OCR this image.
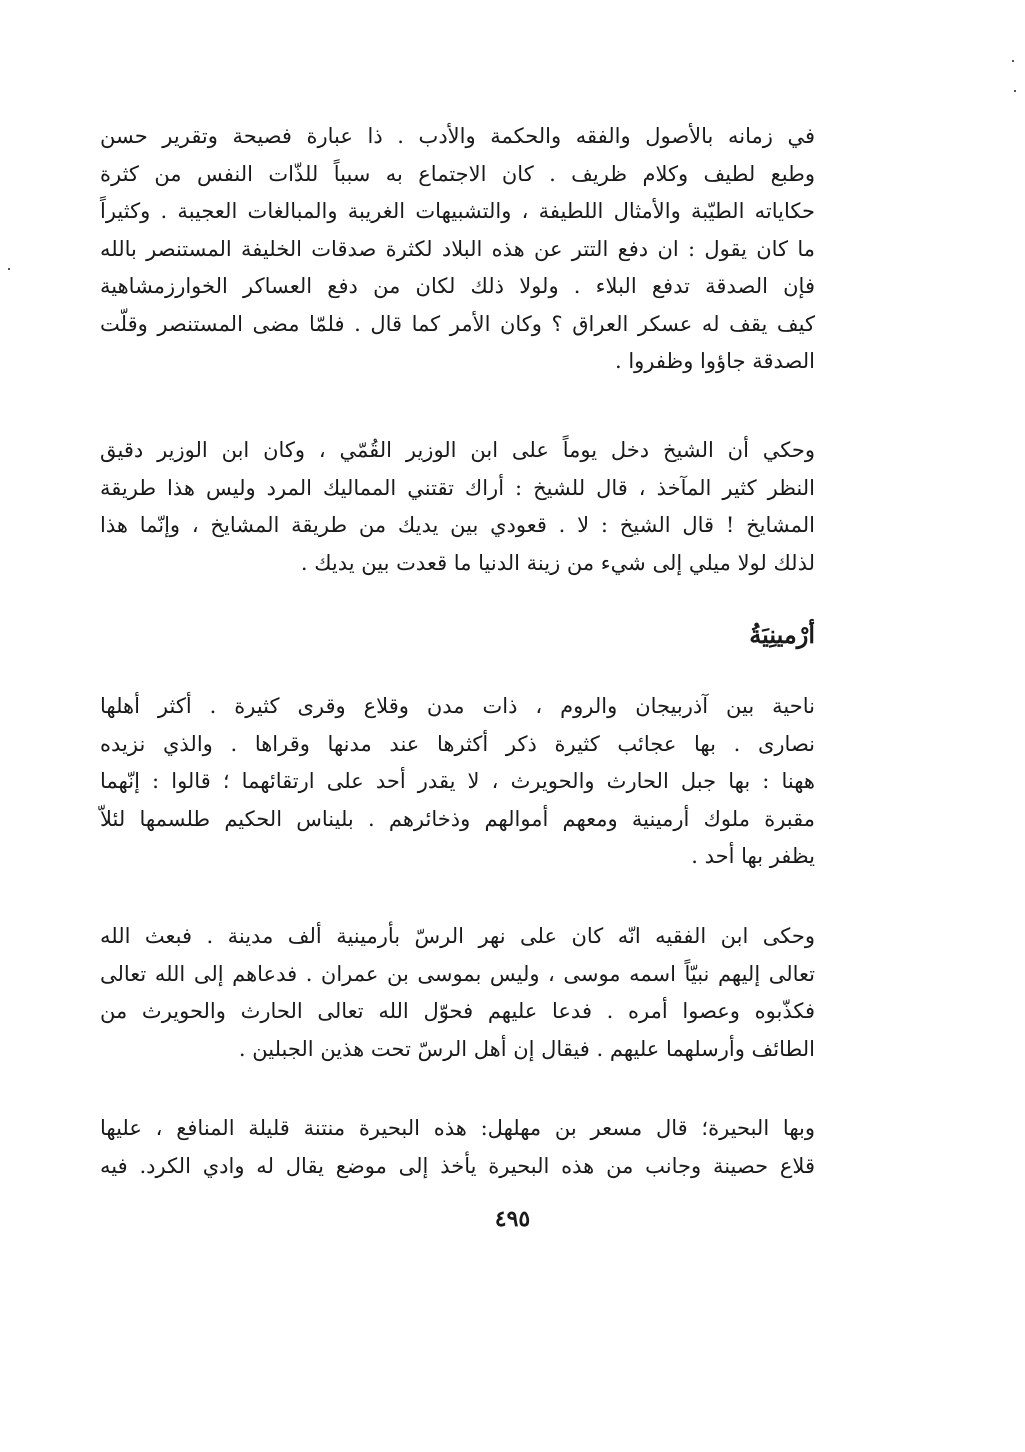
في زمانه بالأصول والفقه والحكمة والأدب . ذا عبارة فصيحة وتقرير حسن
وطبع لطيف وكلام ظريف . كان الاجتماع به سبباً للذّات النفس من كثرة
حكاياته الطيّبة والأمثال اللطيفة ، والتشبيهات الغريبة والمبالغات العجيبة . وكثيراً
ما كان يقول : ان دفع التتر عن هذه البلاد لكثرة صدقات الخليفة المستنصر بالله
فإن الصدقة تدفع البلاء . ولولا ذلك لكان من دفع العساكر الخوارزمشاهية
كيف يقف له عسكر العراق ؟ وكان الأمر كما قال . فلمّا مضى المستنصر وقلّت
الصدقة جاؤوا وظفروا .
وحكي أن الشيخ دخل يوماً على ابن الوزير القُمّي ، وكان ابن الوزير دقيق
النظر كثير المآخذ ، قال للشيخ : أراك تقتني المماليك المرد وليس هذا طريقة
المشايخ ! قال الشيخ : لا . قعودي بين يديك من طريقة المشايخ ، وإنّما هذا
لذلك لولا ميلي إلى شيء من زينة الدنيا ما قعدت بين يديك .
أرْمينِيَةُ
ناحية بين آذربيجان والروم ، ذات مدن وقلاع وقرى كثيرة . أكثر أهلها
نصارى . بها عجائب كثيرة ذكر أكثرها عند مدنها وقراها . والذي نزيده
ههنا : بها جبل الحارث والحويرث ، لا يقدر أحد على ارتقائهما ؛ قالوا : إنّهما
مقبرة ملوك أرمينية ومعهم أموالهم وذخائرهم . بليناس الحكيم طلسمها لئلاّ
يظفر بها أحد .
وحكى ابن الفقيه انّه كان على نهر الرسّ بأرمينية ألف مدينة . فبعث الله
تعالى إليهم نبيّاً اسمه موسى ، وليس بموسى بن عمران . فدعاهم إلى الله تعالى
فكذّبوه وعصوا أمره . فدعا عليهم فحوّل الله تعالى الحارث والحويرث من
الطائف وأرسلهما عليهم . فيقال إن أهل الرسّ تحت هذين الجبلين .
وبها البحيرة؛ قال مسعر بن مهلهل: هذه البحيرة منتنة قليلة المنافع ، عليها
قلاع حصينة وجانب من هذه البحيرة يأخذ إلى موضع يقال له وادي الكرد. فيه
٤٩٥
